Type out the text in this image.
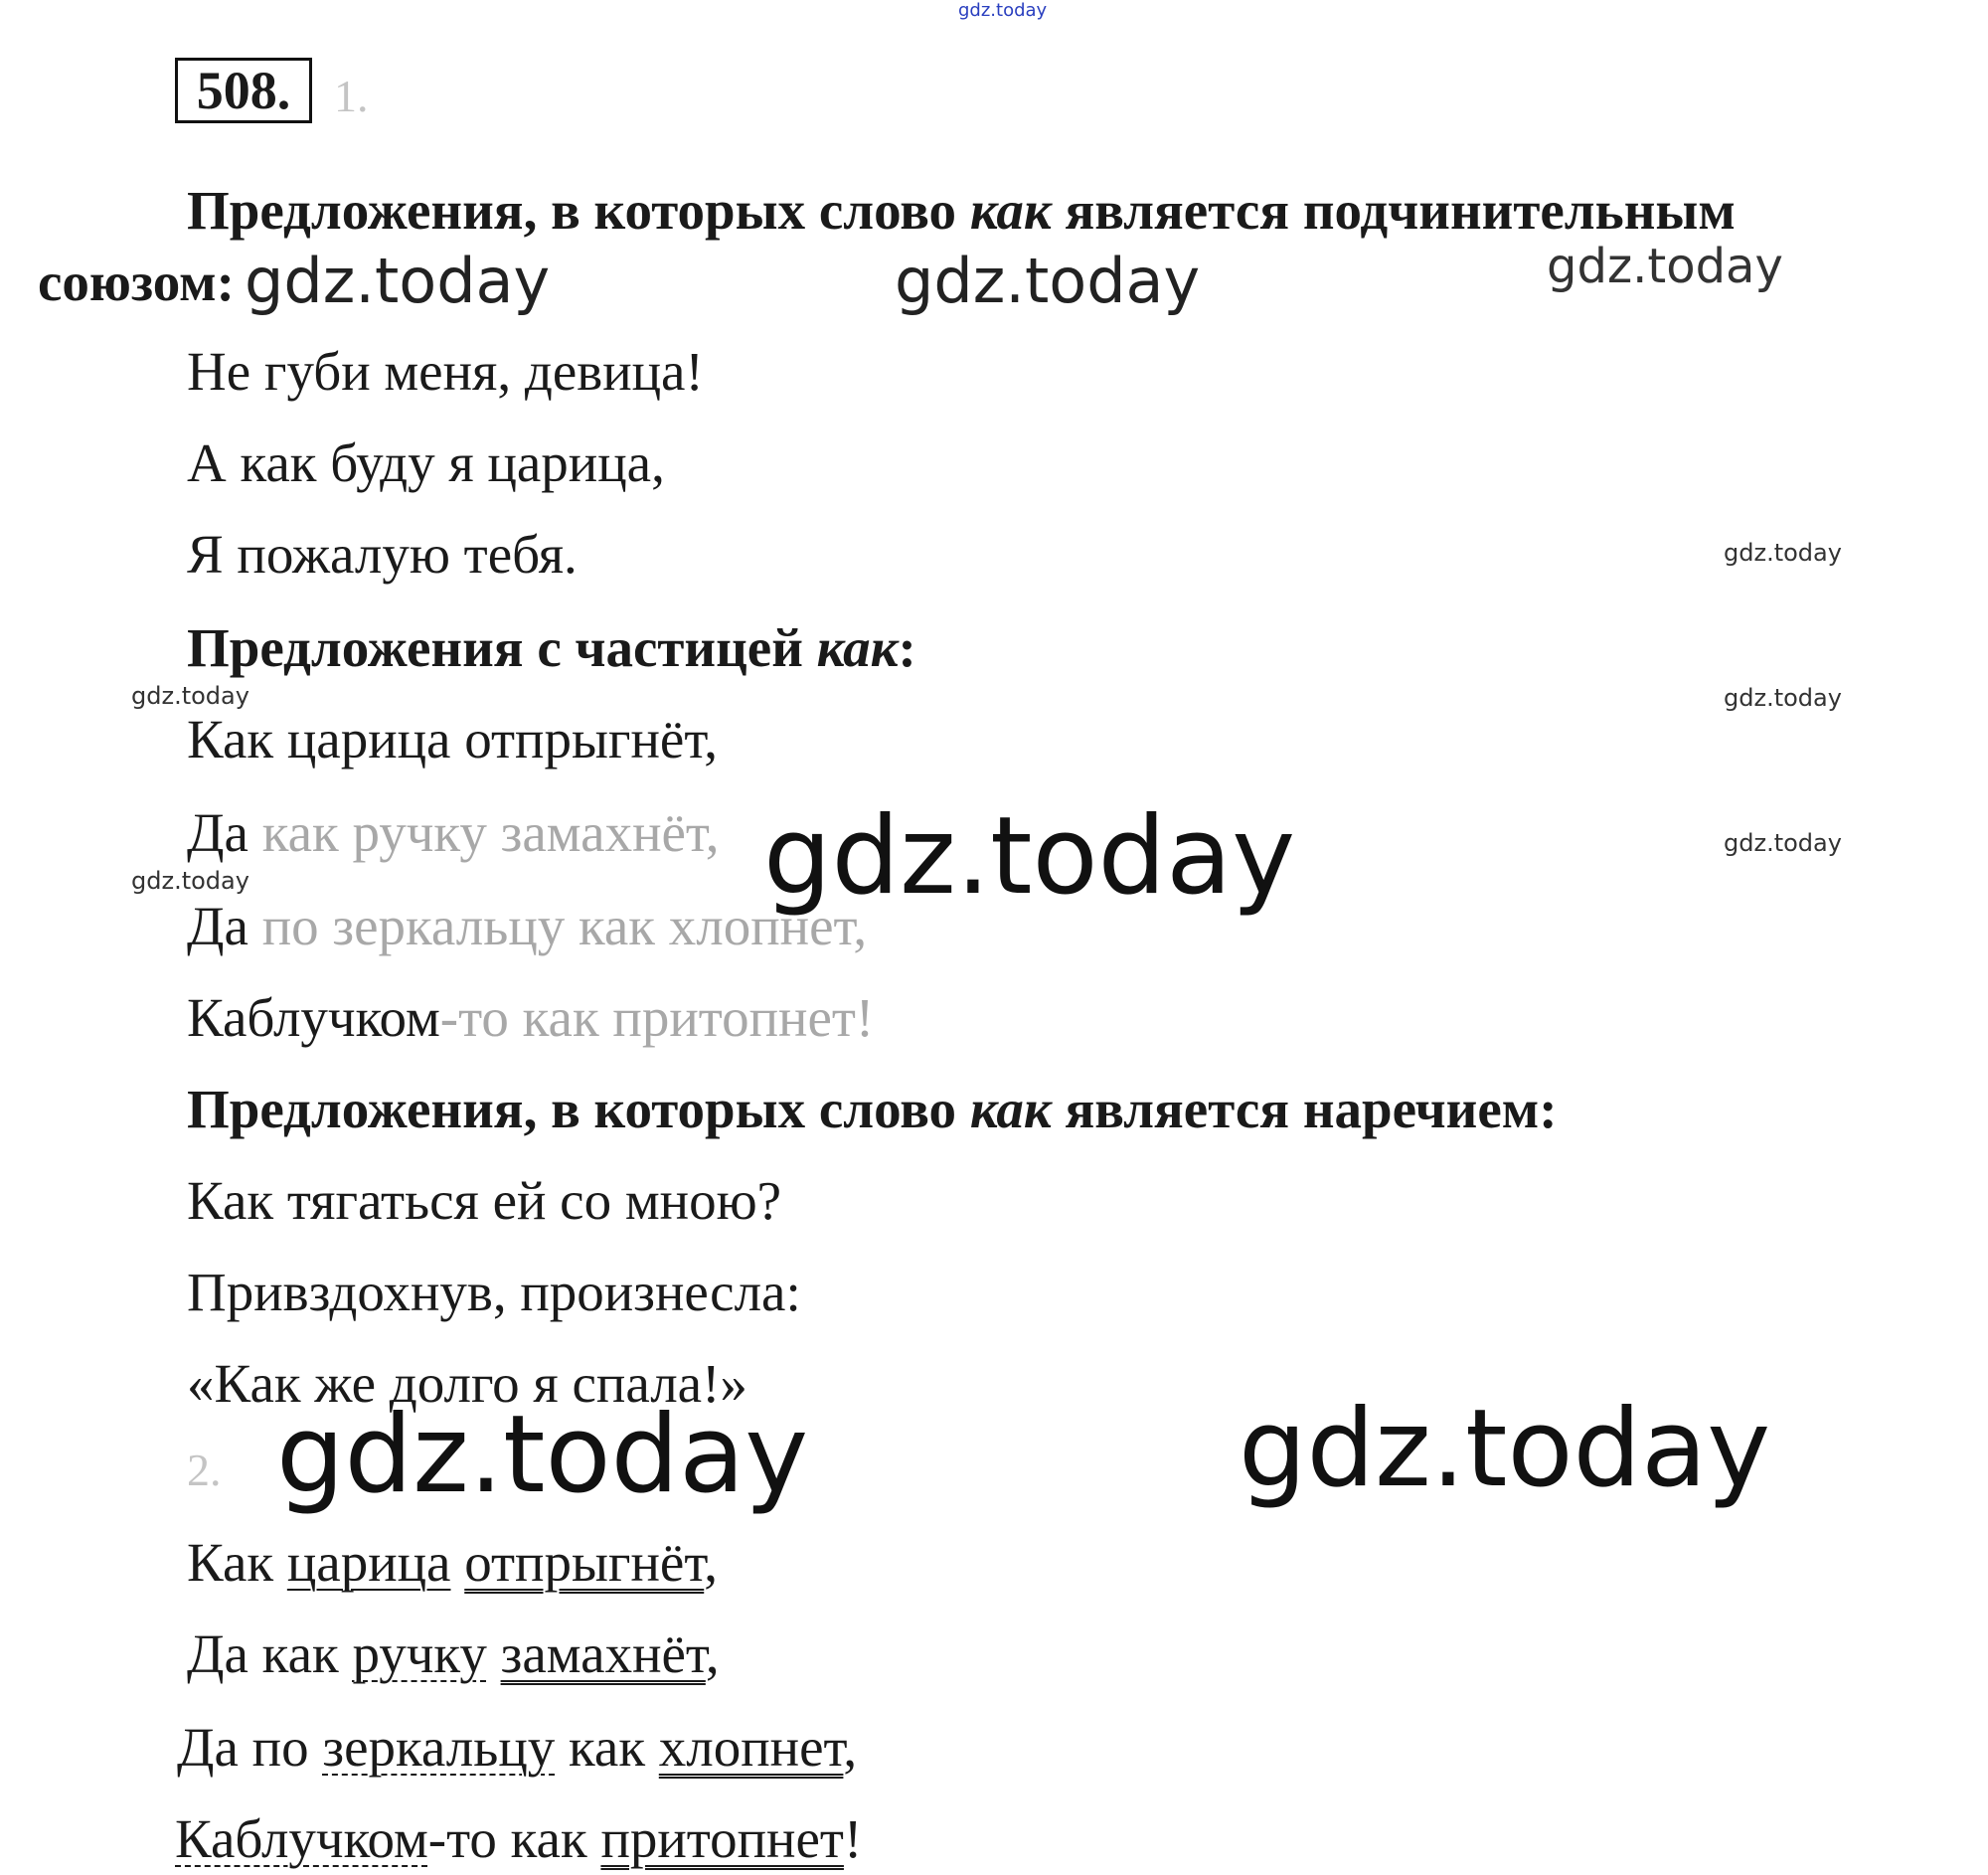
gdz.today
508. 1.
Предложения, в которых слово как является подчинительным
союзом: gdz.today	gdz.today	gdz.today
Не губи меня, девица!
А как буду я царица,
Я пожалую тебя.	gdz.today
Предложения с частицей как:
gdz.today	gdz.today
Как царица отпрыгнёт,
Да как ручку замахнёт,	gdz.today
gdz.today
Да по зеркальцу как хлопнет,
Каблучком-то как притопнет!
gdz.today
Предложения, в которых слово как является наречием:
Как тягаться ей со мною?
Привздохнув, произнесла:
«Как же долго я спала!»
2. gdz.today	gdz.today
Как царица отпрыгнёт,
Да как ручку замахнёт,
Да по зеркальцу как хлопнет,
Каблучком-то как притопнет!
